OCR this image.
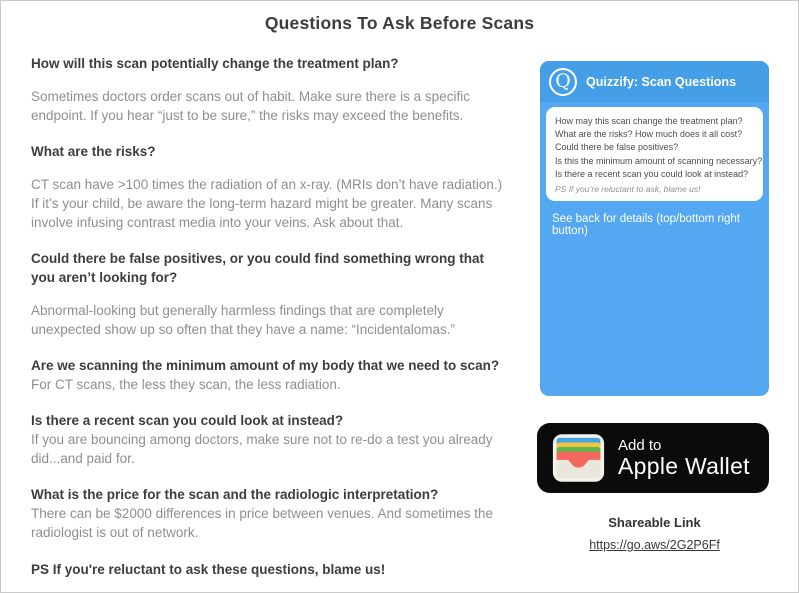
Questions To Ask Before Scans
How will this scan potentially change the treatment plan?

Sometimes doctors order scans out of habit. Make sure there is a specific endpoint. If you hear “just to be sure,” the risks may exceed the benefits.

What are the risks?

CT scan have >100 times the radiation of an x-ray. (MRIs don’t have radiation.) If it’s your child, be aware the long-term hazard might be greater. Many scans involve infusing contrast media into your veins. Ask about that.

Could there be false positives, or you could find something wrong that you aren’t looking for?

Abnormal-looking but generally harmless findings that are completely unexpected show up so often that they have a name: “Incidentalomas.”

Are we scanning the minimum amount of my body that we need to scan?

For CT scans, the less they scan, the less radiation.

Is there a recent scan you could look at instead?

If you are bouncing among doctors, make sure not to re-do a test you already did...and paid for.

What is the price for the scan and the radiologic interpretation?

There can be $2000 differences in price between venues. And sometimes the radiologist is out of network.

PS If you're reluctant to ask these questions, blame us!
Q	Quizzify: Scan Questions
How may this scan change the treatment plan?
What are the risks? How much does it all cost?
Could there be false positives?
Is this the minimum amount of scanning necessary?
Is there a recent scan you could look at instead?
PS If you’re reluctant to ask, blame us!
See back for details (top/bottom right button)
Add to
Apple Wallet
Shareable Link
https://go.aws/2G2P6Ff
